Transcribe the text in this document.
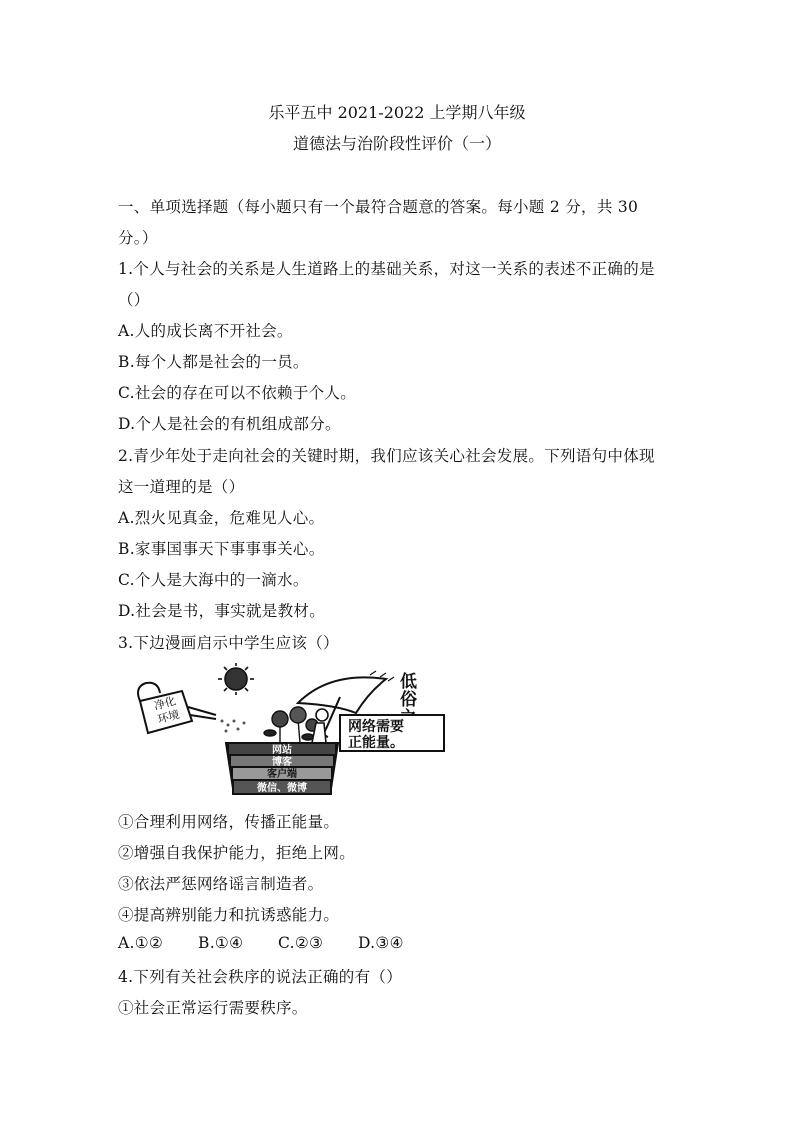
乐平五中 2021-2022 上学期八年级
道德法与治阶段性评价（一）
一、单项选择题（每小题只有一个最符合题意的答案。每小题 2 分，共 30
分。）
1.个人与社会的关系是人生道路上的基础关系，对这一关系的表述不正确的是
（）
A.人的成长离不开社会。
B.每个人都是社会的一员。
C.社会的存在可以不依赖于个人。
D.个人是社会的有机组成部分。
2.青少年处于走向社会的关键时期，我们应该关心社会发展。下列语句中体现
这一道理的是（）
A.烈火见真金，危难见人心。
B.家事国事天下事事事关心。
C.个人是大海中的一滴水。
D.社会是书，事实就是教材。
3.下边漫画启示中学生应该（）
净化 环境
低 俗
网络需要 正能量。
网站
博客
客户端
微信、微博
①合理利用网络，传播正能量。
②增强自我保护能力，拒绝上网。
③依法严惩网络谣言制造者。
④提高辨别能力和抗诱惑能力。
A.①② B.①④ C.②③ D.③④
4.下列有关社会秩序的说法正确的有（）
①社会正常运行需要秩序。
